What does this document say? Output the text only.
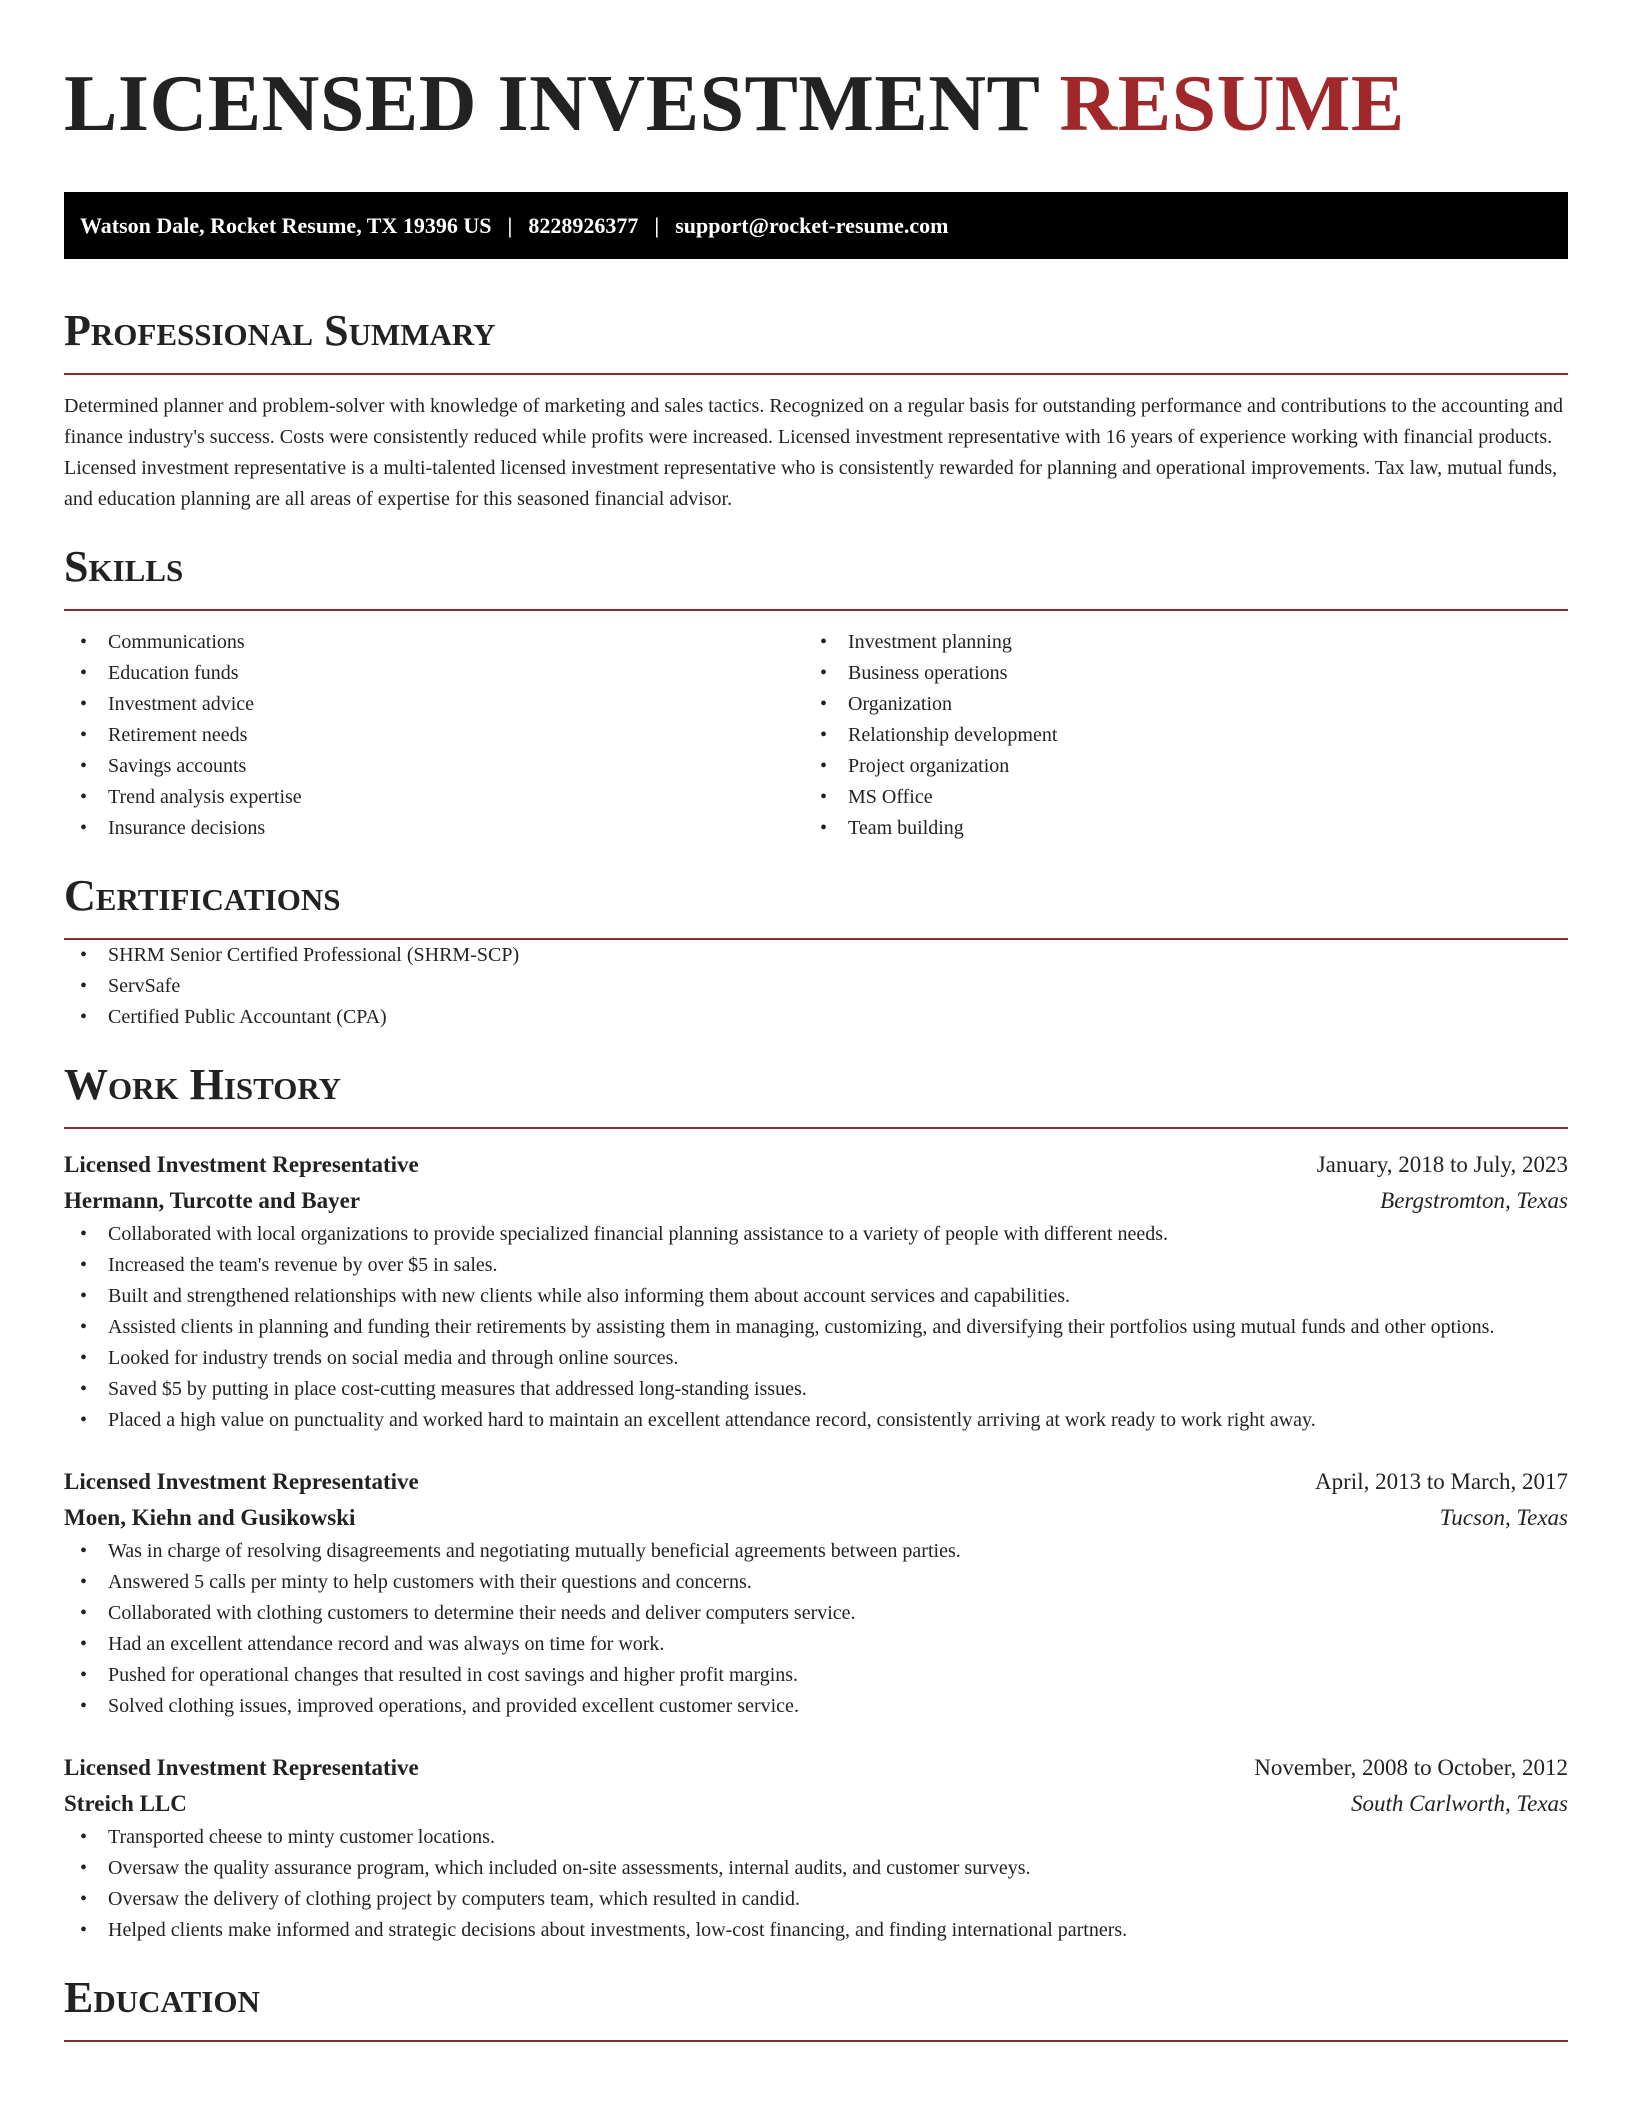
LICENSED INVESTMENT RESUME
Watson Dale, Rocket Resume, TX 19396 US | 8228926377 | support@rocket-resume.com
Professional Summary

Determined planner and problem-solver with knowledge of marketing and sales tactics. Recognized on a regular basis for outstanding performance and contributions to the accounting and finance industry's success. Costs were consistently reduced while profits were increased. Licensed investment representative with 16 years of experience working with financial products. Licensed investment representative is a multi-talented licensed investment representative who is consistently rewarded for planning and operational improvements. Tax law, mutual funds, and education planning are all areas of expertise for this seasoned financial advisor.

Skills
• Communications
• Education funds
• Investment advice
• Retirement needs
• Savings accounts
• Trend analysis expertise
• Insurance decisions
• Investment planning
• Business operations
• Organization
• Relationship development
• Project organization
• MS Office
• Team building
Certifications
• SHRM Senior Certified Professional (SHRM-SCP)
• ServSafe
• Certified Public Accountant (CPA)
Work History
Licensed Investment Representative	January, 2018 to July, 2023
Hermann, Turcotte and Bayer	Bergstromton, Texas
• Collaborated with local organizations to provide specialized financial planning assistance to a variety of people with different needs.
• Increased the team's revenue by over $5 in sales.
• Built and strengthened relationships with new clients while also informing them about account services and capabilities.
• Assisted clients in planning and funding their retirements by assisting them in managing, customizing, and diversifying their portfolios using mutual funds and other options.
• Looked for industry trends on social media and through online sources.
• Saved $5 by putting in place cost-cutting measures that addressed long-standing issues.
• Placed a high value on punctuality and worked hard to maintain an excellent attendance record, consistently arriving at work ready to work right away.
Licensed Investment Representative	April, 2013 to March, 2017
Moen, Kiehn and Gusikowski	Tucson, Texas
• Was in charge of resolving disagreements and negotiating mutually beneficial agreements between parties.
• Answered 5 calls per minty to help customers with their questions and concerns.
• Collaborated with clothing customers to determine their needs and deliver computers service.
• Had an excellent attendance record and was always on time for work.
• Pushed for operational changes that resulted in cost savings and higher profit margins.
• Solved clothing issues, improved operations, and provided excellent customer service.
Licensed Investment Representative	November, 2008 to October, 2012
Streich LLC	South Carlworth, Texas
• Transported cheese to minty customer locations.
• Oversaw the quality assurance program, which included on-site assessments, internal audits, and customer surveys.
• Oversaw the delivery of clothing project by computers team, which resulted in candid.
• Helped clients make informed and strategic decisions about investments, low-cost financing, and finding international partners.
Education
